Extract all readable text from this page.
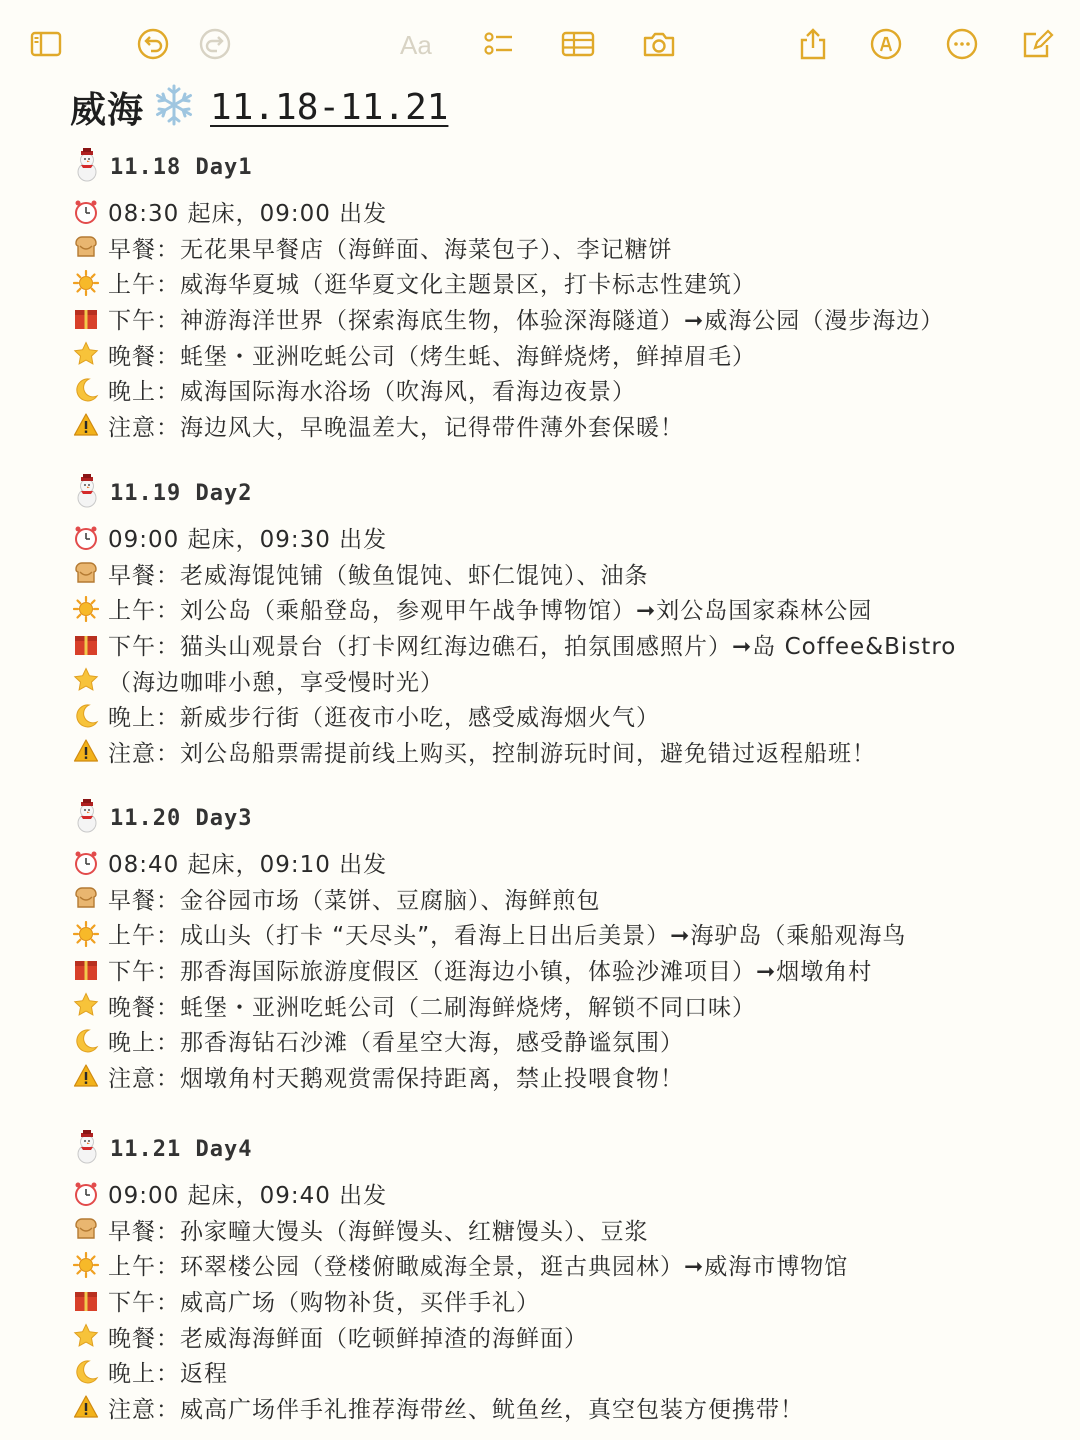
Aa
威海 11.18-11.21
11.18 Day1
08:30 起床，09:00 出发
早餐：无花果早餐店（海鲜面、海菜包子）、李记糖饼
上午：威海华夏城（逛华夏文化主题景区，打卡标志性建筑）
下午：神游海洋世界（探索海底生物，体验深海隧道）➞威海公园（漫步海边）
晚餐：蚝堡・亚洲吃蚝公司（烤生蚝、海鲜烧烤，鲜掉眉毛）
晚上：威海国际海水浴场（吹海风，看海边夜景）
注意：海边风大，早晚温差大，记得带件薄外套保暖！
11.19 Day2
09:00 起床，09:30 出发
早餐：老威海馄饨铺（鲅鱼馄饨、虾仁馄饨）、油条
上午：刘公岛（乘船登岛，参观甲午战争博物馆）➞刘公岛国家森林公园
下午：猫头山观景台（打卡网红海边礁石，拍氛围感照片）➞岛 Coffee&Bistro
（海边咖啡小憩，享受慢时光）
晚上：新威步行街（逛夜市小吃，感受威海烟火气）
注意：刘公岛船票需提前线上购买，控制游玩时间，避免错过返程船班！
11.20 Day3
08:40 起床，09:10 出发
早餐：金谷园市场（菜饼、豆腐脑）、海鲜煎包
上午：成山头（打卡 “天尽头”，看海上日出后美景）➞海驴岛（乘船观海鸟
下午：那香海国际旅游度假区（逛海边小镇，体验沙滩项目）➞烟墩角村
晚餐：蚝堡・亚洲吃蚝公司（二刷海鲜烧烤，解锁不同口味）
晚上：那香海钻石沙滩（看星空大海，感受静谧氛围）
注意：烟墩角村天鹅观赏需保持距离，禁止投喂食物！
11.21 Day4
09:00 起床，09:40 出发
早餐：孙家疃大馒头（海鲜馒头、红糖馒头）、豆浆
上午：环翠楼公园（登楼俯瞰威海全景，逛古典园林）➞威海市博物馆
下午：威高广场（购物补货，买伴手礼）
晚餐：老威海海鲜面（吃顿鲜掉渣的海鲜面）
晚上：返程
注意：威高广场伴手礼推荐海带丝、鱿鱼丝，真空包装方便携带！
